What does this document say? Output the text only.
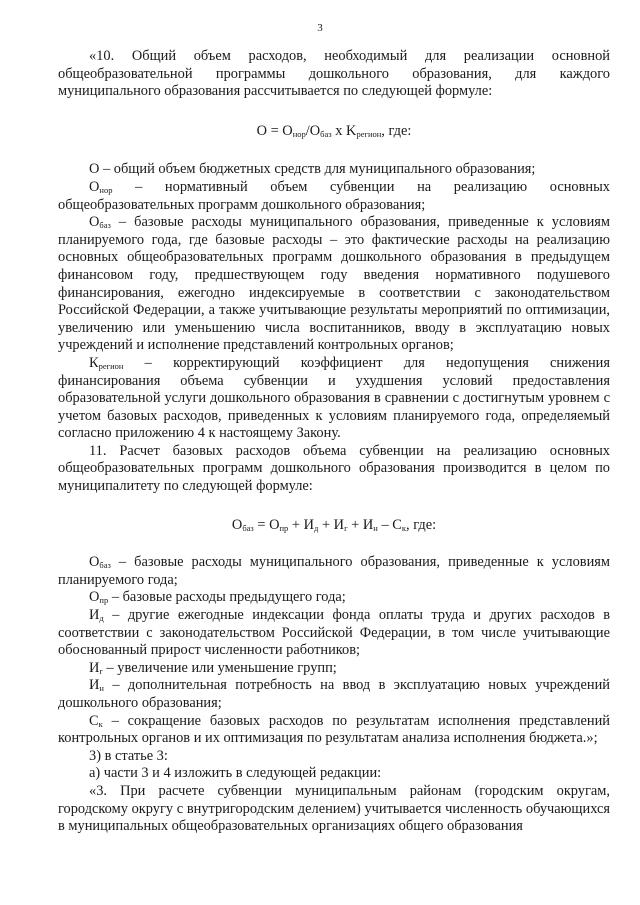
3

«10. Общий объем расходов, необходимый для реализации основной общеобразовательной программы дошкольного образования, для каждого муниципального образования рассчитывается по следующей формуле:

$О = О_{нор}/О_{баз}$ x $K_{регион}$, где:

О – общий объем бюджетных средств для муниципального образования;

$О_{нор}$ – нормативный объем субвенции на реализацию основных общеобразовательных программ дошкольного образования;

$О_{баз}$ – базовые расходы муниципального образования, приведенные к условиям планируемого года, где базовые расходы – это фактические расходы на реализацию основных общеобразовательных программ дошкольного образования в предыдущем финансовом году, предшествующем году введения нормативного подушевого финансирования, ежегодно индексируемые в соответствии с законодательством Российской Федерации, а также учитывающие результаты мероприятий по оптимизации, увеличению или уменьшению числа воспитанников, вводу в эксплуатацию новых учреждений и исполнение представлений контрольных органов;

$К_{регион}$ – корректирующий коэффициент для недопущения снижения финансирования объема субвенции и ухудшения условий предоставления образовательной услуги дошкольного образования в сравнении с достигнутым уровнем с учетом базовых расходов, приведенных к условиям планируемого года, определяемый согласно приложению 4 к настоящему Закону.

11. Расчет базовых расходов объема субвенции на реализацию основных общеобразовательных программ дошкольного образования производится в целом по муниципалитету по следующей формуле:

$О_{баз} = О_{пр} + И_д + И_г + И_н - С_к$, где:

$О_{баз}$ – базовые расходы муниципального образования, приведенные к условиям планируемого года;

$О_{пр}$ – базовые расходы предыдущего года;

$И_д$ – другие ежегодные индексации фонда оплаты труда и других расходов в соответствии с законодательством Российской Федерации, в том числе учитывающие обоснованный прирост численности работников;

$И_г$ – увеличение или уменьшение групп;

$И_н$ – дополнительная потребность на ввод в эксплуатацию новых учреждений дошкольного образования;

$С_к$ – сокращение базовых расходов по результатам исполнения представлений контрольных органов и их оптимизация по результатам анализа исполнения бюджета.»;

3) в статье 3:

а) части 3 и 4 изложить в следующей редакции:

«3. При расчете субвенции муниципальным районам (городским округам, городскому округу с внутригородским делением) учитывается численность обучающихся в муниципальных общеобразовательных организациях общего образования
